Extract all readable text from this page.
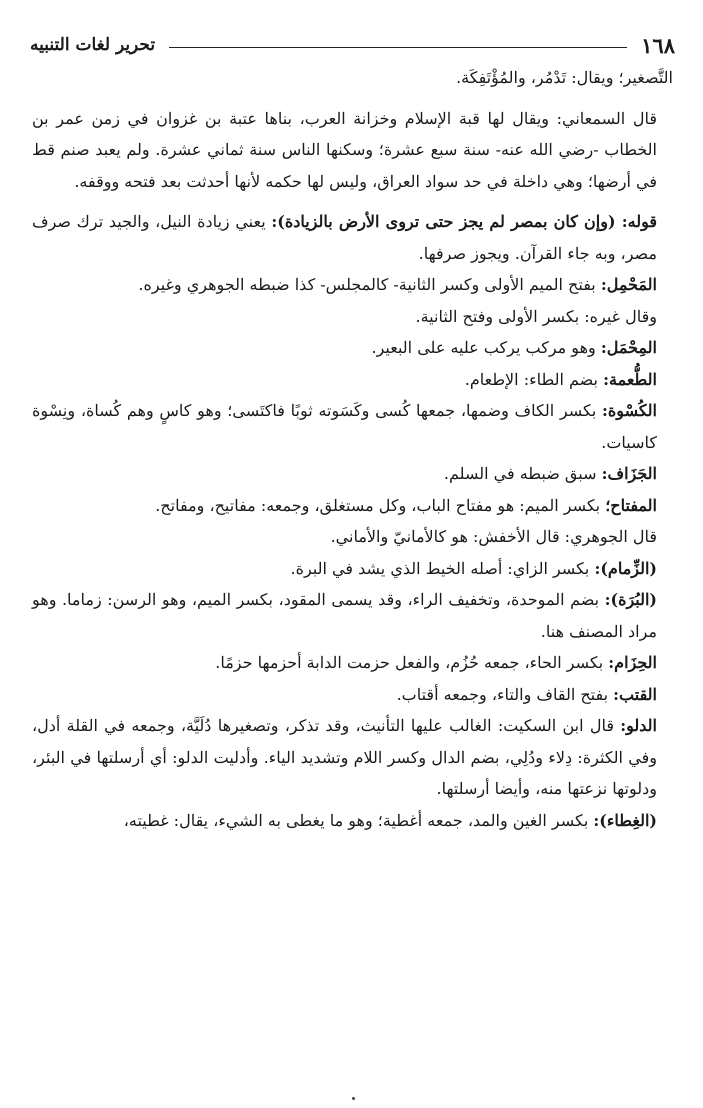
١٦٨
تحرير لغات التنبيه

التَّصغير؛ ويقال: تَدْمُر، والمُؤْتَفِكَة.

قال السمعاني: ويقال لها قبة الإسلام وخزانة العرب، بناها عتبة بن غزوان في زمن عمر بن الخطاب -رضي الله عنه- سنة سبع عشرة؛ وسكنها الناس سنة ثماني عشرة. ولم يعبد صنم قط في أرضها؛ وهي داخلة في حد سواد العراق، وليس لها حكمه لأنها أحدثت بعد فتحه ووقفه.

قوله: (وإن كان بمصر لم يجز حتى تروى الأرض بالزيادة): يعني زيادة النيل، والجيد ترك صرف مصر، وبه جاء القرآن. ويجوز صرفها.

المَحْمِل: بفتح الميم الأولى وكسر الثانية- كالمجلس- كذا ضبطه الجوهري وغيره.

وقال غيره: بكسر الأولى وفتح الثانية.

المِحْمَل: وهو مركب يركب عليه على البعير.

الطُّعمة: بضم الطاء: الإطعام.

الكُسْوة: بكسر الكاف وضمها، جمعها كُسى وكَسَوته ثوبًا فاكتَسى؛ وهو كاسٍ وهم كُساة، ونِسْوة كاسيات.

الجَزَاف: سبق ضبطه في السلم.

المفتاح؛ بكسر الميم: هو مفتاح الباب، وكل مستغلق، وجمعه: مفاتيح، ومفاتح.

قال الجوهري: قال الأخفش: هو كالأمانيّ والأماني.

(الزِّمام): بكسر الزاي: أصله الخيط الذي يشد في البرة.

(البُرَة): بضم الموحدة، وتخفيف الراء، وقد يسمى المقود، بكسر الميم، وهو الرسن: زماما. وهو مراد المصنف هنا.

الحِزَام: بكسر الحاء، جمعه حُزُم، والفعل حزمت الدابة أحزمها حزمًا.

القتب: بفتح القاف والتاء، وجمعه أقتاب.

الدلو: قال ابن السكيت: الغالب عليها التأنيث، وقد تذكر، وتصغيرها دُلَيَّة، وجمعه في القلة أدل، وفي الكثرة: دِلاء ودُلِي، بضم الدال وكسر اللام وتشديد الياء. وأدليت الدلو: أي أرسلتها في البئر، ودلوتها نزعتها منه، وأيضا أرسلتها.

(الغِطاء): بكسر الغين والمد، جمعه أغطية؛ وهو ما يغطى به الشيء، يقال: غطيته،
